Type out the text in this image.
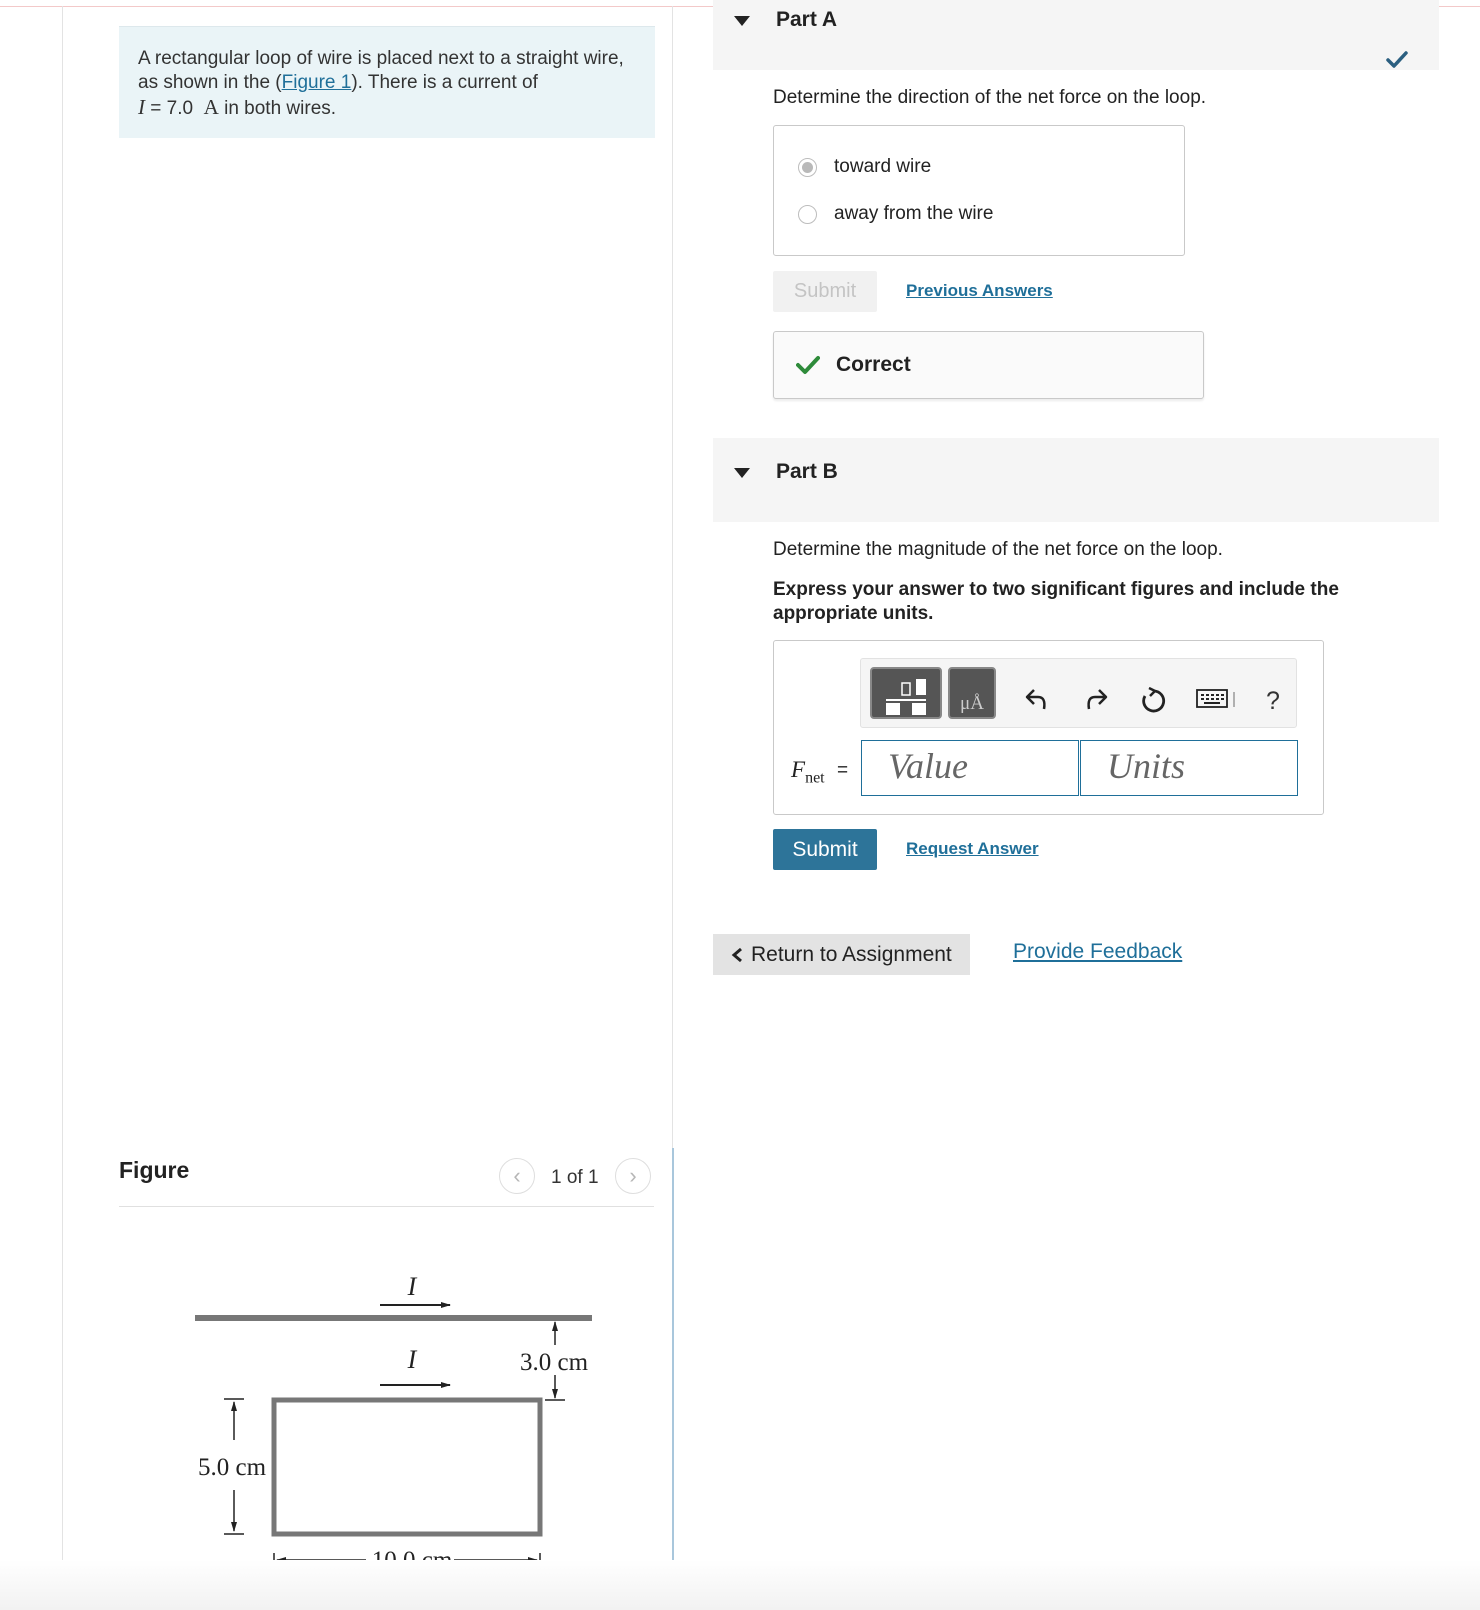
A rectangular loop of wire is placed next to a straight wire, as shown in the (Figure 1). There is a current of
I = 7.0 A in both wires.
Figure	‹	1 of 1	›
I
I	3.0 cm
5.0 cm
Part A
Determine the direction of the net force on the loop.
toward wire
away from the wire
Submit	Previous Answers
Correct
Part B
Determine the magnitude of the net force on the loop.
Express your answer to two significant figures and include the appropriate units.
μÅ	?
$F_{net}$ =	Value	Units
Submit	Request Answer
Return to Assignment	Provide Feedback
